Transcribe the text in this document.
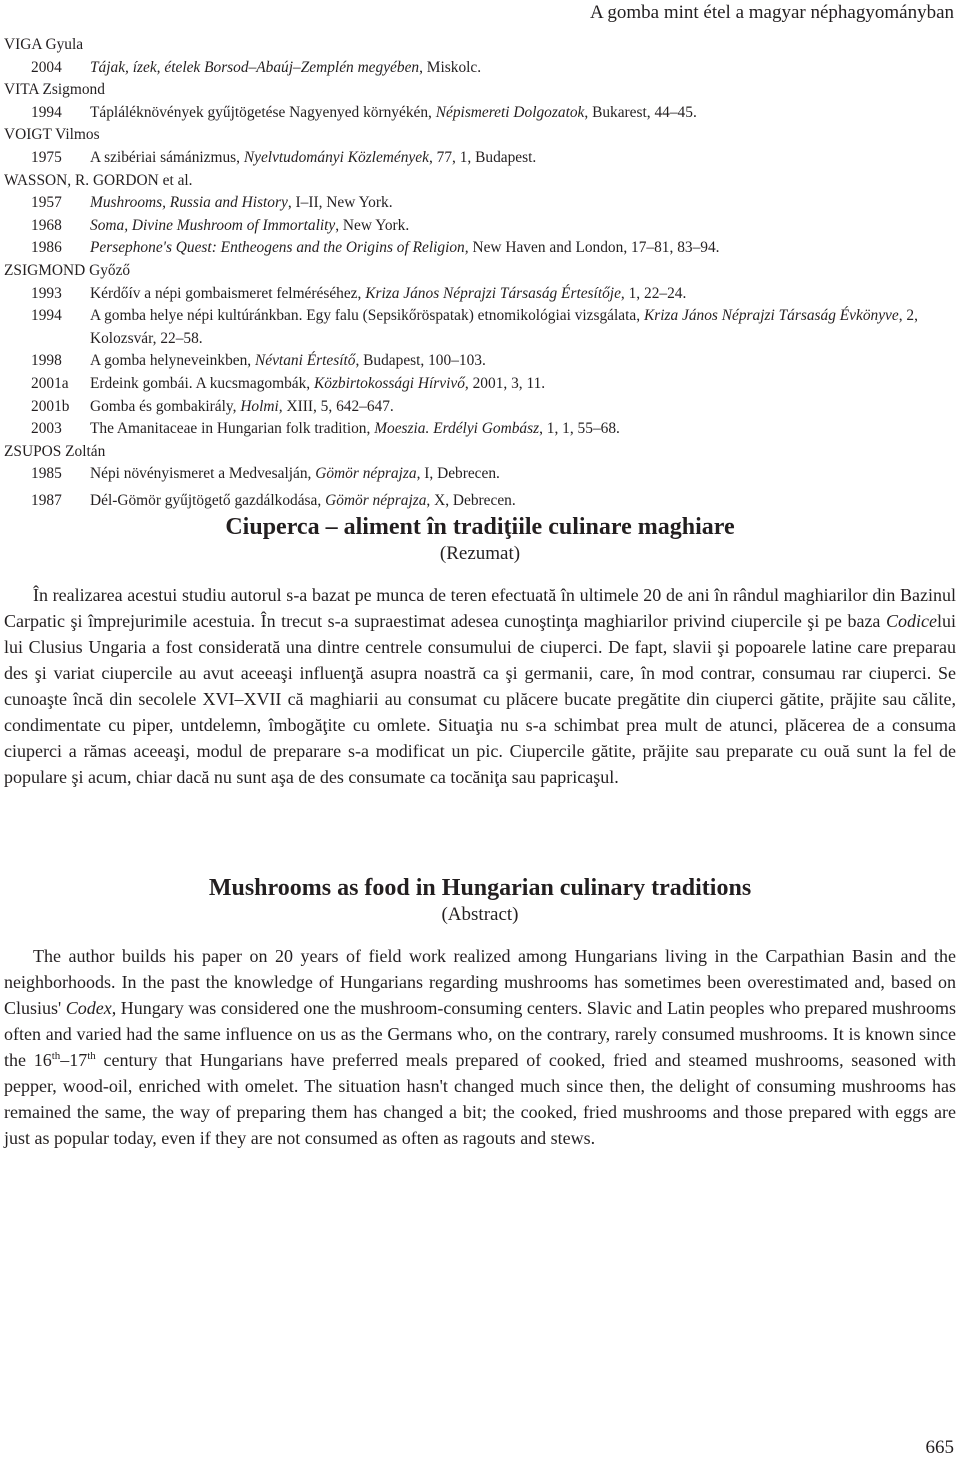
A gomba mint étel a magyar néphagyományban
VIGA Gyula
2004	Tájak, ízek, ételek Borsod–Abaúj–Zemplén megyében, Miskolc.
VITA Zsigmond
1994	Tápláléknövények gyűjtögetése Nagyenyed környékén, Népismereti Dolgozatok, Bukarest, 44–45.
VOIGT Vilmos
1975	A szibériai sámánizmus, Nyelvtudományi Közlemények, 77, 1, Budapest.
WASSON, R. GORDON et al.
1957	Mushrooms, Russia and History, I–II, New York.
1968	Soma, Divine Mushroom of Immortality, New York.
1986	Persephone's Quest: Entheogens and the Origins of Religion, New Haven and London, 17–81, 83–94.
ZSIGMOND Győző
1993	Kérdőív a népi gombaismeret felméréséhez, Kriza János Néprajzi Társaság Értesítője, 1, 22–24.
1994	A gomba helye népi kultúránkban. Egy falu (Sepsikőröspatak) etnomikológiai vizsgálata, Kriza János Néprajzi Társaság Évkönyve, 2, Kolozsvár, 22–58.
1998	A gomba helyneveinkben, Névtani Értesítő, Budapest, 100–103.
2001a	Erdeink gombái. A kucsmagombák, Közbirtokossági Hírvivő, 2001, 3, 11.
2001b	Gomba és gombakirály, Holmi, XIII, 5, 642–647.
2003	The Amanitaceae in Hungarian folk tradition, Moeszia. Erdélyi Gombász, 1, 1, 55–68.
ZSUPOS Zoltán
1985	Népi növényismeret a Medvesalján, Gömör néprajza, I, Debrecen.
1987	Dél-Gömör gyűjtögető gazdálkodása, Gömör néprajza, X, Debrecen.
Ciuperca – aliment în tradiţiile culinare maghiare
(Rezumat)
În realizarea acestui studiu autorul s-a bazat pe munca de teren efectuată în ultimele 20 de ani în rândul maghiarilor din Bazinul Carpatic şi împrejurimile acestuia. În trecut s-a supraestimat adesea cunoştinţa maghiarilor privind ciupercile şi pe baza Codicelui lui Clusius Ungaria a fost considerată una dintre centrele consumului de ciuperci. De fapt, slavii şi popoarele latine care preparau des şi variat ciupercile au avut aceeaşi influenţă asupra noastră ca şi germanii, care, în mod contrar, consumau rar ciuperci. Se cunoaşte încă din secolele XVI–XVII că maghiarii au consumat cu plăcere bucate pregătite din ciuperci gătite, prăjite sau călite, condimentate cu piper, untdelemn, îmbogăţite cu omlete. Situaţia nu s-a schimbat prea mult de atunci, plăcerea de a consuma ciuperci a rămas aceeaşi, modul de preparare s-a modificat un pic. Ciupercile gătite, prăjite sau preparate cu ouă sunt la fel de populare şi acum, chiar dacă nu sunt aşa de des consumate ca tocăniţa sau papricaşul.
Mushrooms as food in Hungarian culinary traditions
(Abstract)
The author builds his paper on 20 years of field work realized among Hungarians living in the Carpathian Basin and the neighborhoods. In the past the knowledge of Hungarians regarding mushrooms has sometimes been overestimated and, based on Clusius' Codex, Hungary was considered one the mushroom-consuming centers. Slavic and Latin peoples who prepared mushrooms often and varied had the same influence on us as the Germans who, on the contrary, rarely consumed mushrooms. It is known since the 16th–17th century that Hungarians have preferred meals prepared of cooked, fried and steamed mushrooms, seasoned with pepper, wood-oil, enriched with omelet. The situation hasn't changed much since then, the delight of consuming mushrooms has remained the same, the way of preparing them has changed a bit; the cooked, fried mushrooms and those prepared with eggs are just as popular today, even if they are not consumed as often as ragouts and stews.
665
